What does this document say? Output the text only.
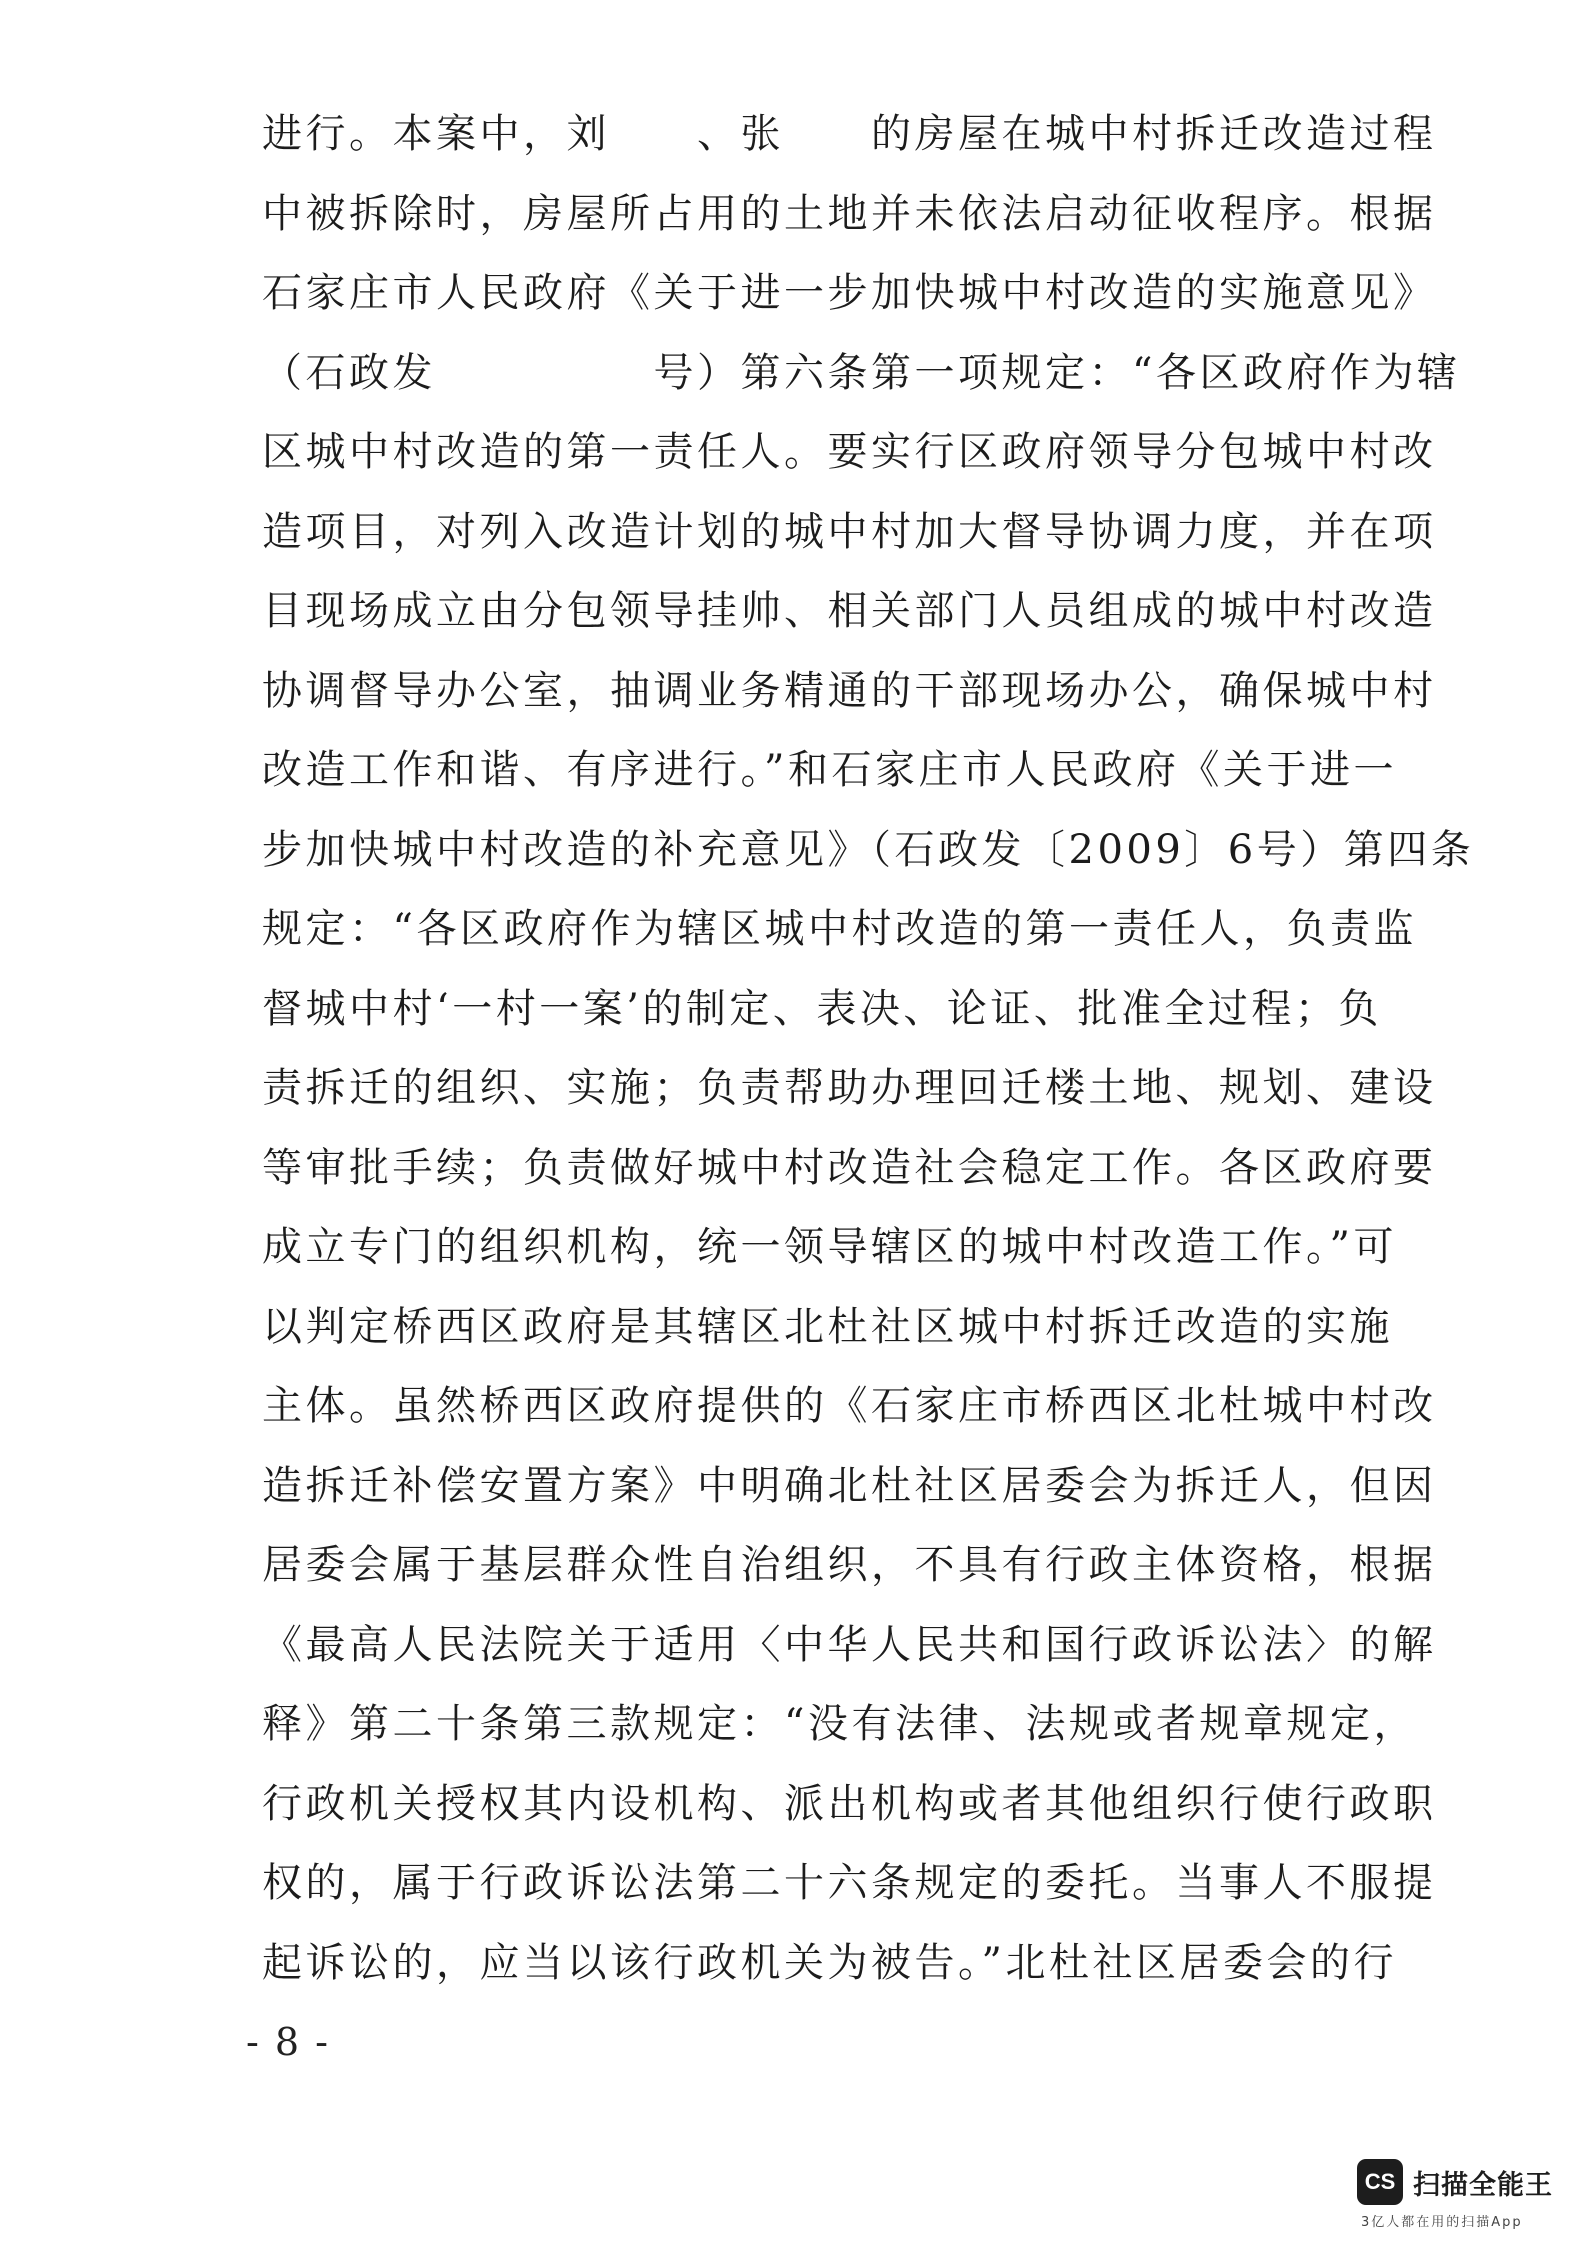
进行。本案中，刘　　、张　　的房屋在城中村拆迁改造过程
中被拆除时，房屋所占用的土地并未依法启动征收程序。根据
石家庄市人民政府《关于进一步加快城中村改造的实施意见》
（石政发　　　　　号）第六条第一项规定：“各区政府作为辖
区城中村改造的第一责任人。要实行区政府领导分包城中村改
造项目，对列入改造计划的城中村加大督导协调力度，并在项
目现场成立由分包领导挂帅、相关部门人员组成的城中村改造
协调督导办公室，抽调业务精通的干部现场办公，确保城中村
改造工作和谐、有序进行。”和石家庄市人民政府《关于进一
步加快城中村改造的补充意见》（石政发〔2009〕6号）第四条
规定：“各区政府作为辖区城中村改造的第一责任人，负责监
督城中村‘一村一案’的制定、表决、论证、批准全过程；负
责拆迁的组织、实施；负责帮助办理回迁楼土地、规划、建设
等审批手续；负责做好城中村改造社会稳定工作。各区政府要
成立专门的组织机构，统一领导辖区的城中村改造工作。”可
以判定桥西区政府是其辖区北杜社区城中村拆迁改造的实施
主体。虽然桥西区政府提供的《石家庄市桥西区北杜城中村改
造拆迁补偿安置方案》中明确北杜社区居委会为拆迁人，但因
居委会属于基层群众性自治组织，不具有行政主体资格，根据
《最高人民法院关于适用〈中华人民共和国行政诉讼法〉的解
释》第二十条第三款规定：“没有法律、法规或者规章规定，
行政机关授权其内设机构、派出机构或者其他组织行使行政职
权的，属于行政诉讼法第二十六条规定的委托。当事人不服提
起诉讼的，应当以该行政机关为被告。”北杜社区居委会的行
- 8 -
CS 扫描全能王
3亿人都在用的扫描App
